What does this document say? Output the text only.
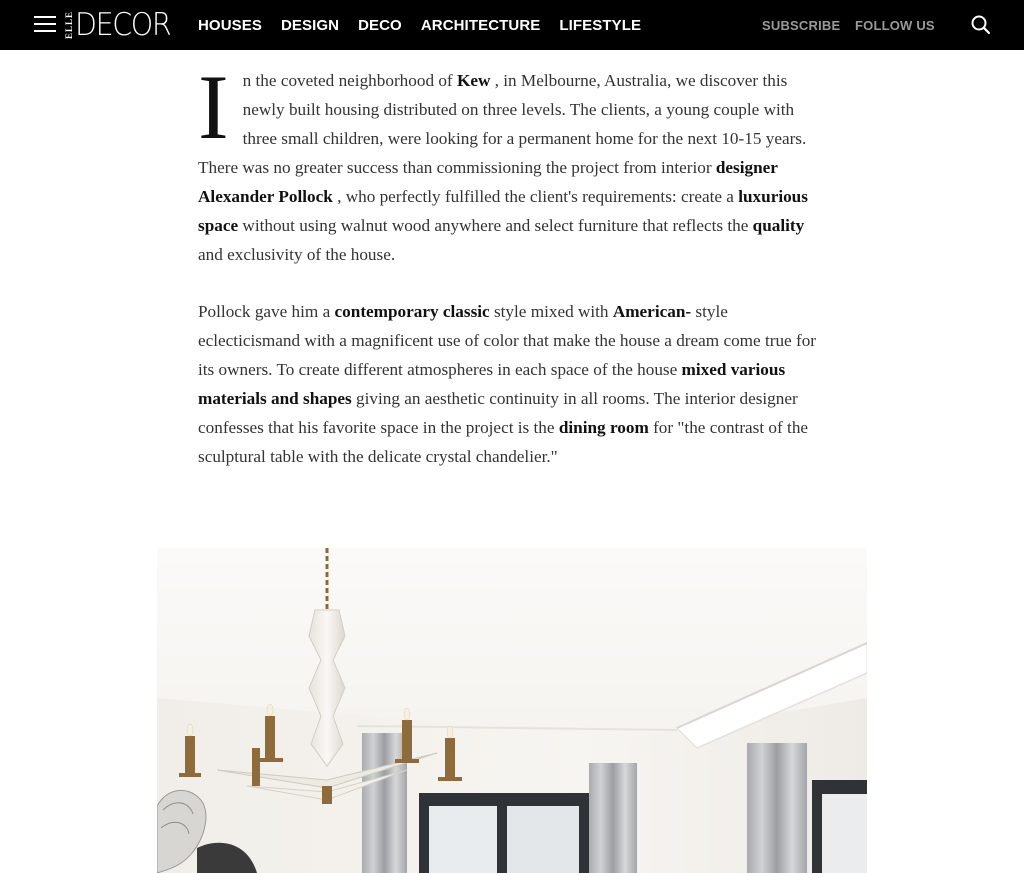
ELLE DECOR HOUSES DESIGN DECO ARCHITECTURE LIFESTYLE	SUBSCRIBE FOLLOW US

In the coveted neighborhood of Kew , in Melbourne, Australia, we discover this newly built housing distributed on three levels. The clients, a young couple with three small children, were looking for a permanent home for the next 10-15 years. There was no greater success than commissioning the project from interior designer Alexander Pollock , who perfectly fulfilled the client's requirements: create a luxurious space without using walnut wood anywhere and select furniture that reflects the quality and exclusivity of the house.

Pollock gave him a contemporary classic style mixed with American- style eclecticismand with a magnificent use of color that make the house a dream come true for its owners. To create different atmospheres in each space of the house mixed various materials and shapes giving an aesthetic continuity in all rooms. The interior designer confesses that his favorite space in the project is the dining room for "the contrast of the sculptural table with the delicate crystal chandelier."
